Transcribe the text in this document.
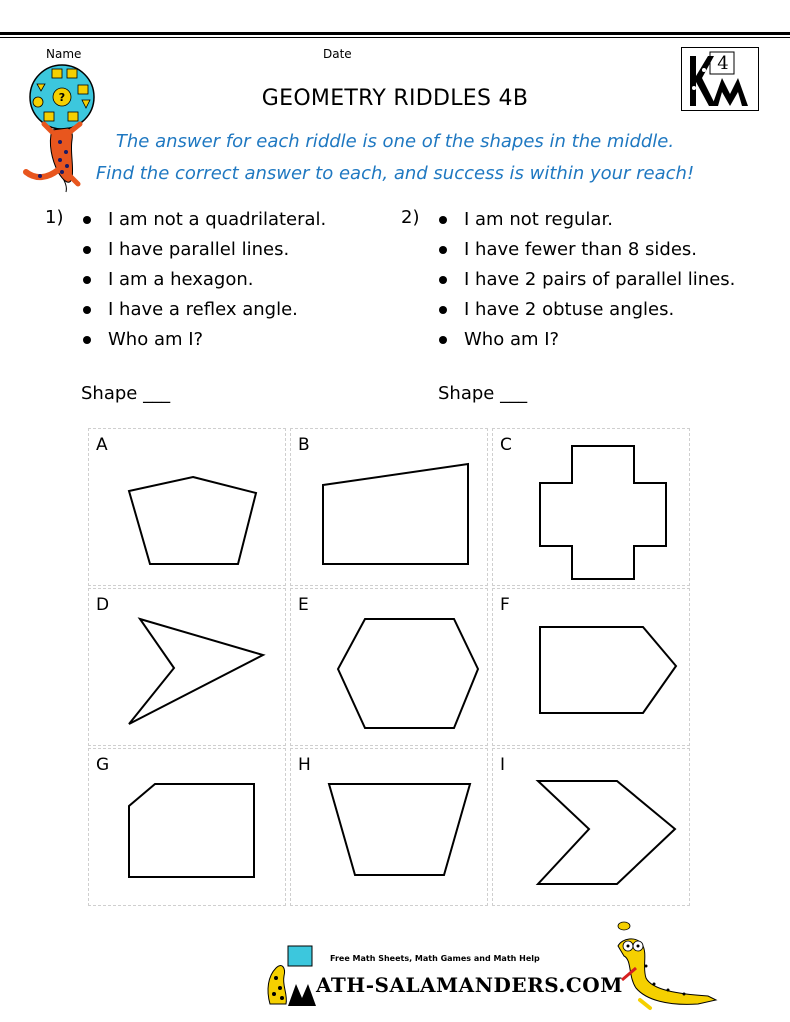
Name	Date
?
4
GEOMETRY RIDDLES 4B
The answer for each riddle is one of the shapes in the middle.
Find the correct answer to each, and success is within your reach!
1)	I am not a quadrilateral.
I have parallel lines.
I am a hexagon.
I have a reflex angle.
Who am I?
Shape ___
2)	I am not regular.
I have fewer than 8 sides.
I have 2 pairs of parallel lines.
I have 2 obtuse angles.
Who am I?
Shape ___
A	B	C
D	E	F
G	H	I
Free Math Sheets, Math Games and Math Help
ATH-SALAMANDERS.COM
